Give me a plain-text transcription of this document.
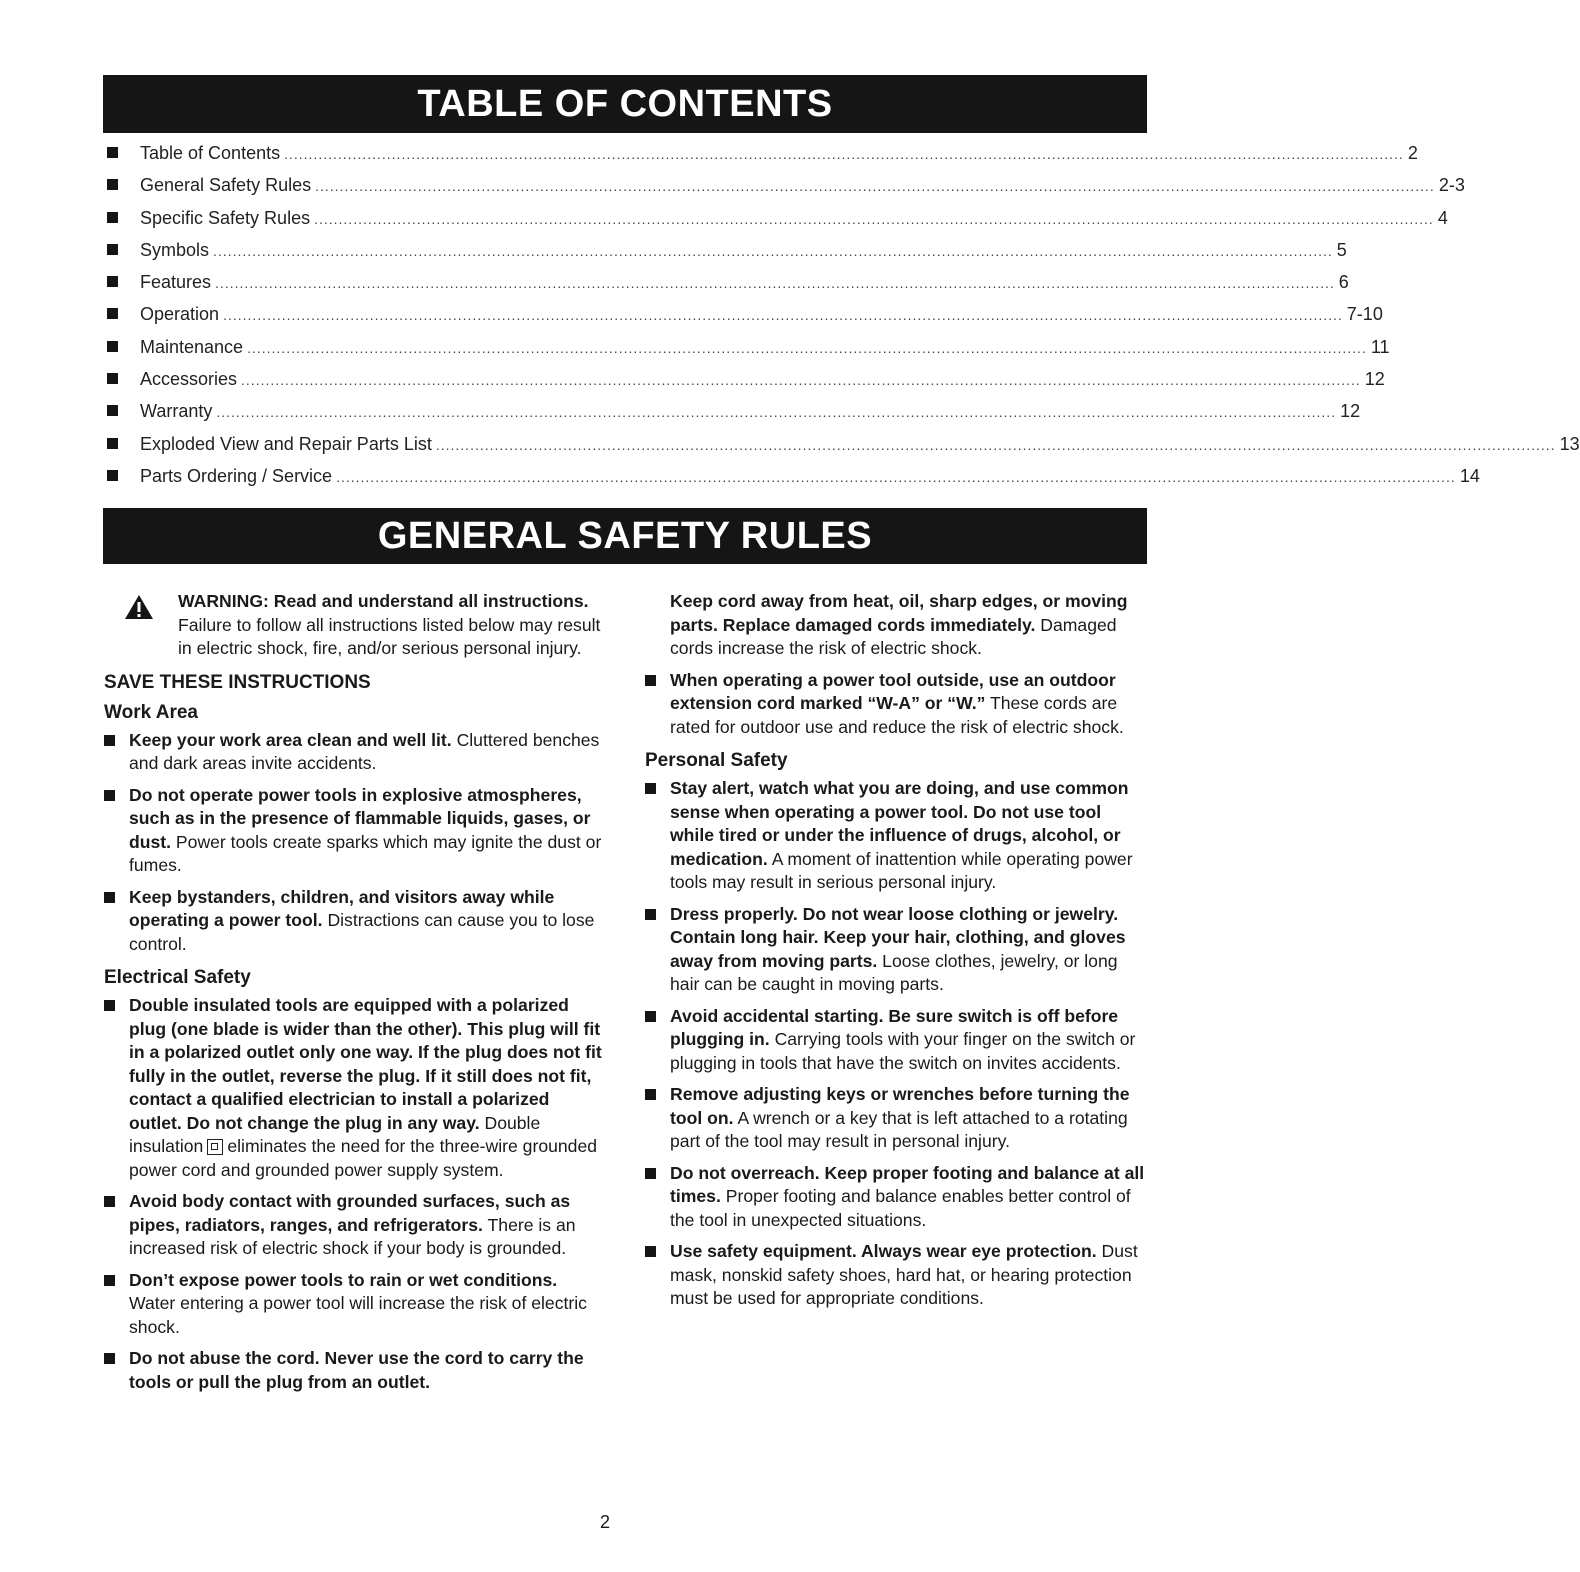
TABLE OF CONTENTS
Table of Contents ..................................................................................................................................................................................................................................... 2
General Safety Rules ..................................................................................................................................................................................................................................... 2-3
Specific Safety Rules ..................................................................................................................................................................................................................................... 4
Symbols ..................................................................................................................................................................................................................................... 5
Features ..................................................................................................................................................................................................................................... 6
Operation ..................................................................................................................................................................................................................................... 7-10
Maintenance ..................................................................................................................................................................................................................................... 11
Accessories ..................................................................................................................................................................................................................................... 12
Warranty ..................................................................................................................................................................................................................................... 12
Exploded View and Repair Parts List ..................................................................................................................................................................................................................................... 13
Parts Ordering / Service ..................................................................................................................................................................................................................................... 14
GENERAL SAFETY RULES
WARNING: Read and understand all instructions. Failure to follow all instructions listed below may result in electric shock, fire, and/or serious personal injury.
SAVE THESE INSTRUCTIONS
Work Area
Keep your work area clean and well lit. Cluttered benches and dark areas invite accidents.
Do not operate power tools in explosive atmospheres, such as in the presence of flammable liquids, gases, or dust. Power tools create sparks which may ignite the dust or fumes.
Keep bystanders, children, and visitors away while operating a power tool. Distractions can cause you to lose control.
Electrical Safety
Double insulated tools are equipped with a polarized plug (one blade is wider than the other). This plug will fit in a polarized outlet only one way. If the plug does not fit fully in the outlet, reverse the plug. If it still does not fit, contact a qualified electrician to install a polarized outlet. Do not change the plug in any way. Double insulation eliminates the need for the three-wire grounded power cord and grounded power supply system.
Avoid body contact with grounded surfaces, such as pipes, radiators, ranges, and refrigerators. There is an increased risk of electric shock if your body is grounded.
Don’t expose power tools to rain or wet conditions. Water entering a power tool will increase the risk of electric shock.
Do not abuse the cord. Never use the cord to carry the tools or pull the plug from an outlet.
Keep cord away from heat, oil, sharp edges, or moving parts. Replace damaged cords immediately. Damaged cords increase the risk of electric shock.
When operating a power tool outside, use an outdoor extension cord marked “W-A” or “W.” These cords are rated for outdoor use and reduce the risk of electric shock.
Personal Safety
Stay alert, watch what you are doing, and use common sense when operating a power tool. Do not use tool while tired or under the influence of drugs, alcohol, or medication. A moment of inattention while operating power tools may result in serious personal injury.
Dress properly. Do not wear loose clothing or jewelry. Contain long hair. Keep your hair, clothing, and gloves away from moving parts. Loose clothes, jewelry, or long hair can be caught in moving parts.
Avoid accidental starting. Be sure switch is off before plugging in. Carrying tools with your finger on the switch or plugging in tools that have the switch on invites accidents.
Remove adjusting keys or wrenches before turning the tool on. A wrench or a key that is left attached to a rotating part of the tool may result in personal injury.
Do not overreach. Keep proper footing and balance at all times. Proper footing and balance enables better control of the tool in unexpected situations.
Use safety equipment. Always wear eye protection. Dust mask, nonskid safety shoes, hard hat, or hearing protection must be used for appropriate conditions.
2
